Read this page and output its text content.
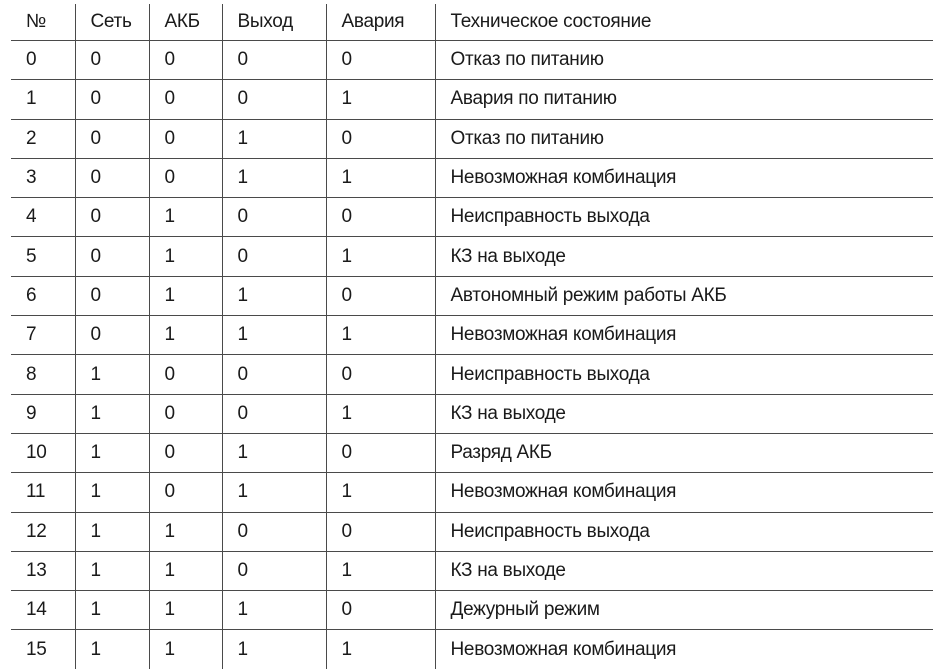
№	Сеть	АКБ	Выход	Авария	Техническое состояние
0	0	0	0	0	Отказ по питанию
1	0	0	0	1	Авария по питанию
2	0	0	1	0	Отказ по питанию
3	0	0	1	1	Невозможная комбинация
4	0	1	0	0	Неисправность выхода
5	0	1	0	1	КЗ на выходе
6	0	1	1	0	Автономный режим работы АКБ
7	0	1	1	1	Невозможная комбинация
8	1	0	0	0	Неисправность выхода
9	1	0	0	1	КЗ на выходе
10	1	0	1	0	Разряд АКБ
11	1	0	1	1	Невозможная комбинация
12	1	1	0	0	Неисправность выхода
13	1	1	0	1	КЗ на выходе
14	1	1	1	0	Дежурный режим
15	1	1	1	1	Невозможная комбинация
